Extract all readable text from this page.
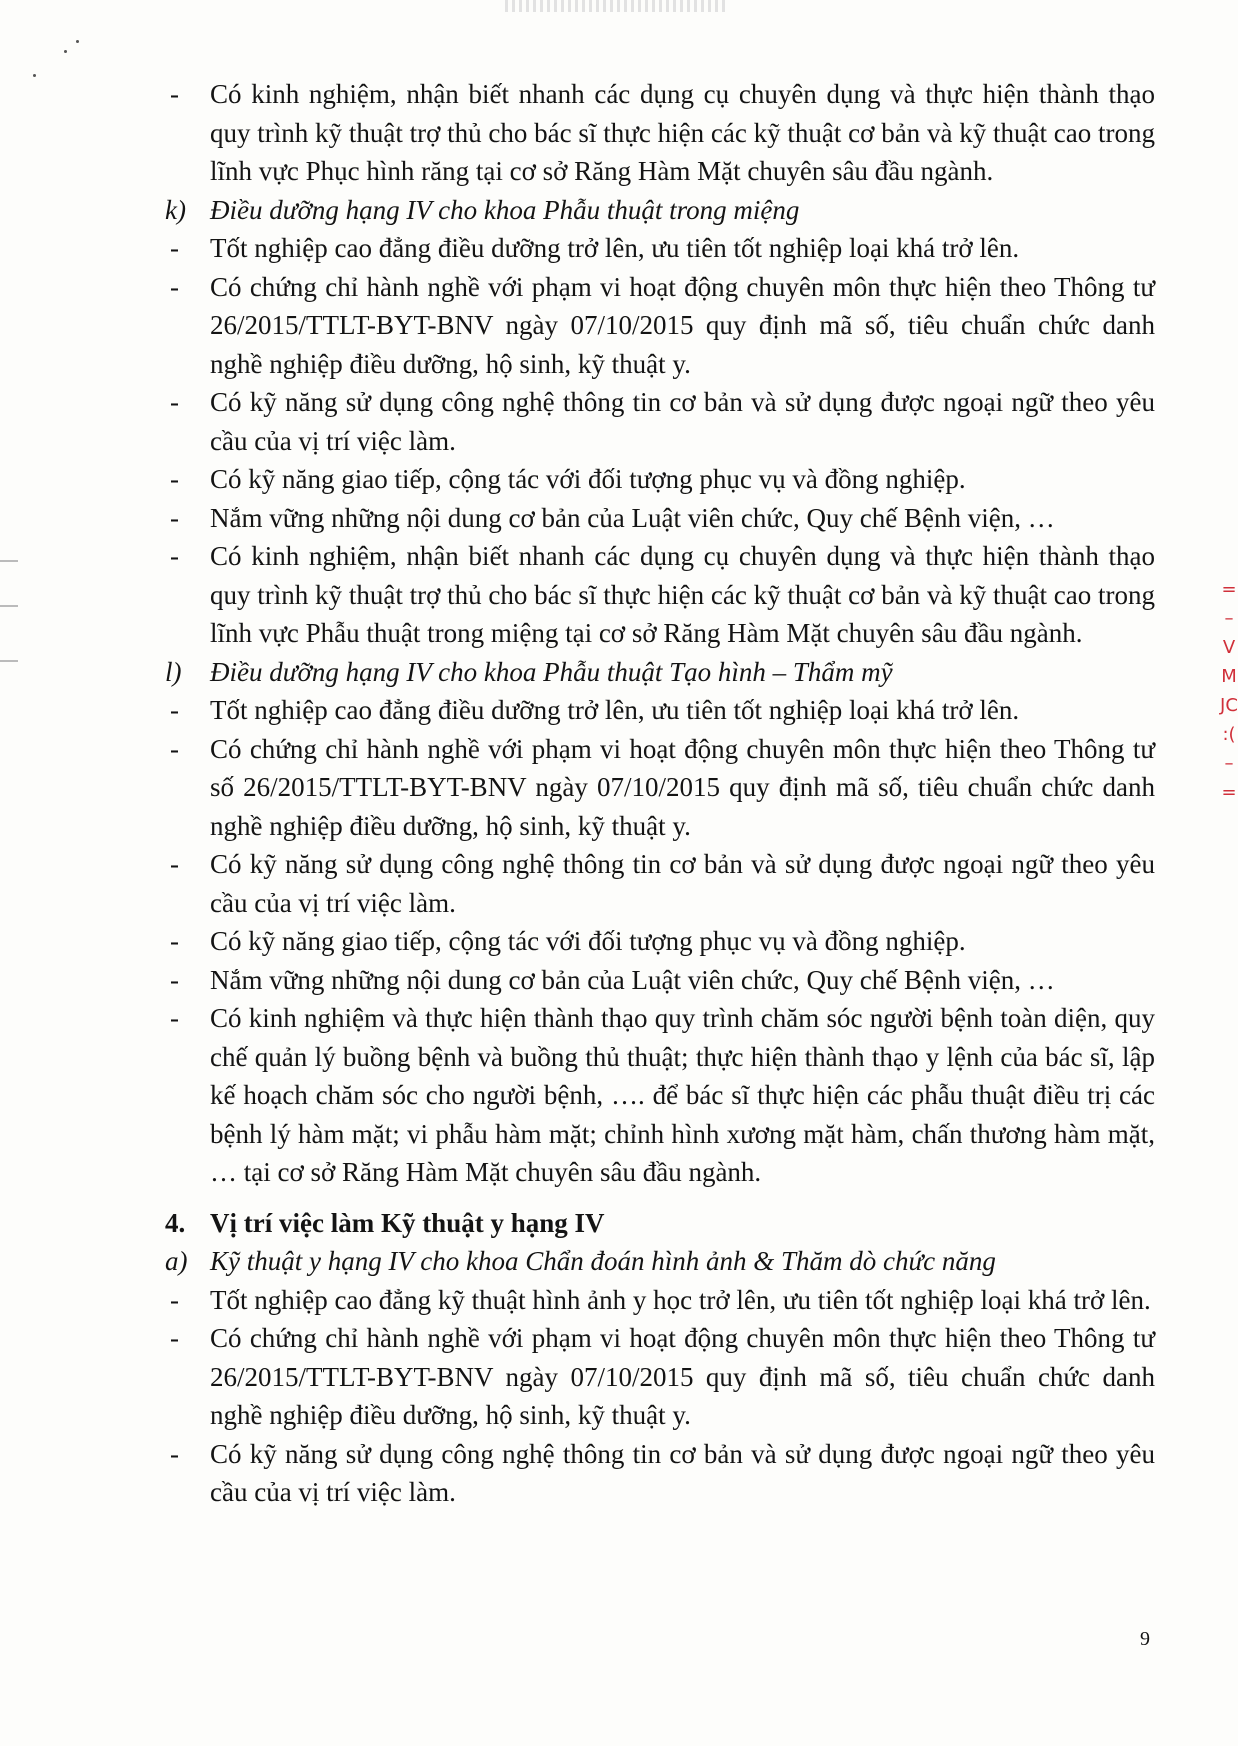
- Có kinh nghiệm, nhận biết nhanh các dụng cụ chuyên dụng và thực hiện thành thạo quy trình kỹ thuật trợ thủ cho bác sĩ thực hiện các kỹ thuật cơ bản và kỹ thuật cao trong lĩnh vực Phục hình răng tại cơ sở Răng Hàm Mặt chuyên sâu đầu ngành.
k) Điều dưỡng hạng IV cho khoa Phẫu thuật trong miệng
- Tốt nghiệp cao đẳng điều dưỡng trở lên, ưu tiên tốt nghiệp loại khá trở lên.
- Có chứng chỉ hành nghề với phạm vi hoạt động chuyên môn thực hiện theo Thông tư 26/2015/TTLT-BYT-BNV ngày 07/10/2015 quy định mã số, tiêu chuẩn chức danh nghề nghiệp điều dưỡng, hộ sinh, kỹ thuật y.
- Có kỹ năng sử dụng công nghệ thông tin cơ bản và sử dụng được ngoại ngữ theo yêu cầu của vị trí việc làm.
- Có kỹ năng giao tiếp, cộng tác với đối tượng phục vụ và đồng nghiệp.
- Nắm vững những nội dung cơ bản của Luật viên chức, Quy chế Bệnh viện, …
- Có kinh nghiệm, nhận biết nhanh các dụng cụ chuyên dụng và thực hiện thành thạo quy trình kỹ thuật trợ thủ cho bác sĩ thực hiện các kỹ thuật cơ bản và kỹ thuật cao trong lĩnh vực Phẫu thuật trong miệng tại cơ sở Răng Hàm Mặt chuyên sâu đầu ngành.
l) Điều dưỡng hạng IV cho khoa Phẫu thuật Tạo hình – Thẩm mỹ
- Tốt nghiệp cao đẳng điều dưỡng trở lên, ưu tiên tốt nghiệp loại khá trở lên.
- Có chứng chỉ hành nghề với phạm vi hoạt động chuyên môn thực hiện theo Thông tư số 26/2015/TTLT-BYT-BNV ngày 07/10/2015 quy định mã số, tiêu chuẩn chức danh nghề nghiệp điều dưỡng, hộ sinh, kỹ thuật y.
- Có kỹ năng sử dụng công nghệ thông tin cơ bản và sử dụng được ngoại ngữ theo yêu cầu của vị trí việc làm.
- Có kỹ năng giao tiếp, cộng tác với đối tượng phục vụ và đồng nghiệp.
- Nắm vững những nội dung cơ bản của Luật viên chức, Quy chế Bệnh viện, …
- Có kinh nghiệm và thực hiện thành thạo quy trình chăm sóc người bệnh toàn diện, quy chế quản lý buồng bệnh và buồng thủ thuật; thực hiện thành thạo y lệnh của bác sĩ, lập kế hoạch chăm sóc cho người bệnh, …. để bác sĩ thực hiện các phẫu thuật điều trị các bệnh lý hàm mặt; vi phẫu hàm mặt; chỉnh hình xương mặt hàm, chấn thương hàm mặt, … tại cơ sở Răng Hàm Mặt chuyên sâu đầu ngành.
4. Vị trí việc làm Kỹ thuật y hạng IV
a) Kỹ thuật y hạng IV cho khoa Chẩn đoán hình ảnh & Thăm dò chức năng
- Tốt nghiệp cao đẳng kỹ thuật hình ảnh y học trở lên, ưu tiên tốt nghiệp loại khá trở lên.
- Có chứng chỉ hành nghề với phạm vi hoạt động chuyên môn thực hiện theo Thông tư 26/2015/TTLT-BYT-BNV ngày 07/10/2015 quy định mã số, tiêu chuẩn chức danh nghề nghiệp điều dưỡng, hộ sinh, kỹ thuật y.
- Có kỹ năng sử dụng công nghệ thông tin cơ bản và sử dụng được ngoại ngữ theo yêu cầu của vị trí việc làm.
=
–
V
M
JC
:(
–
=
9
